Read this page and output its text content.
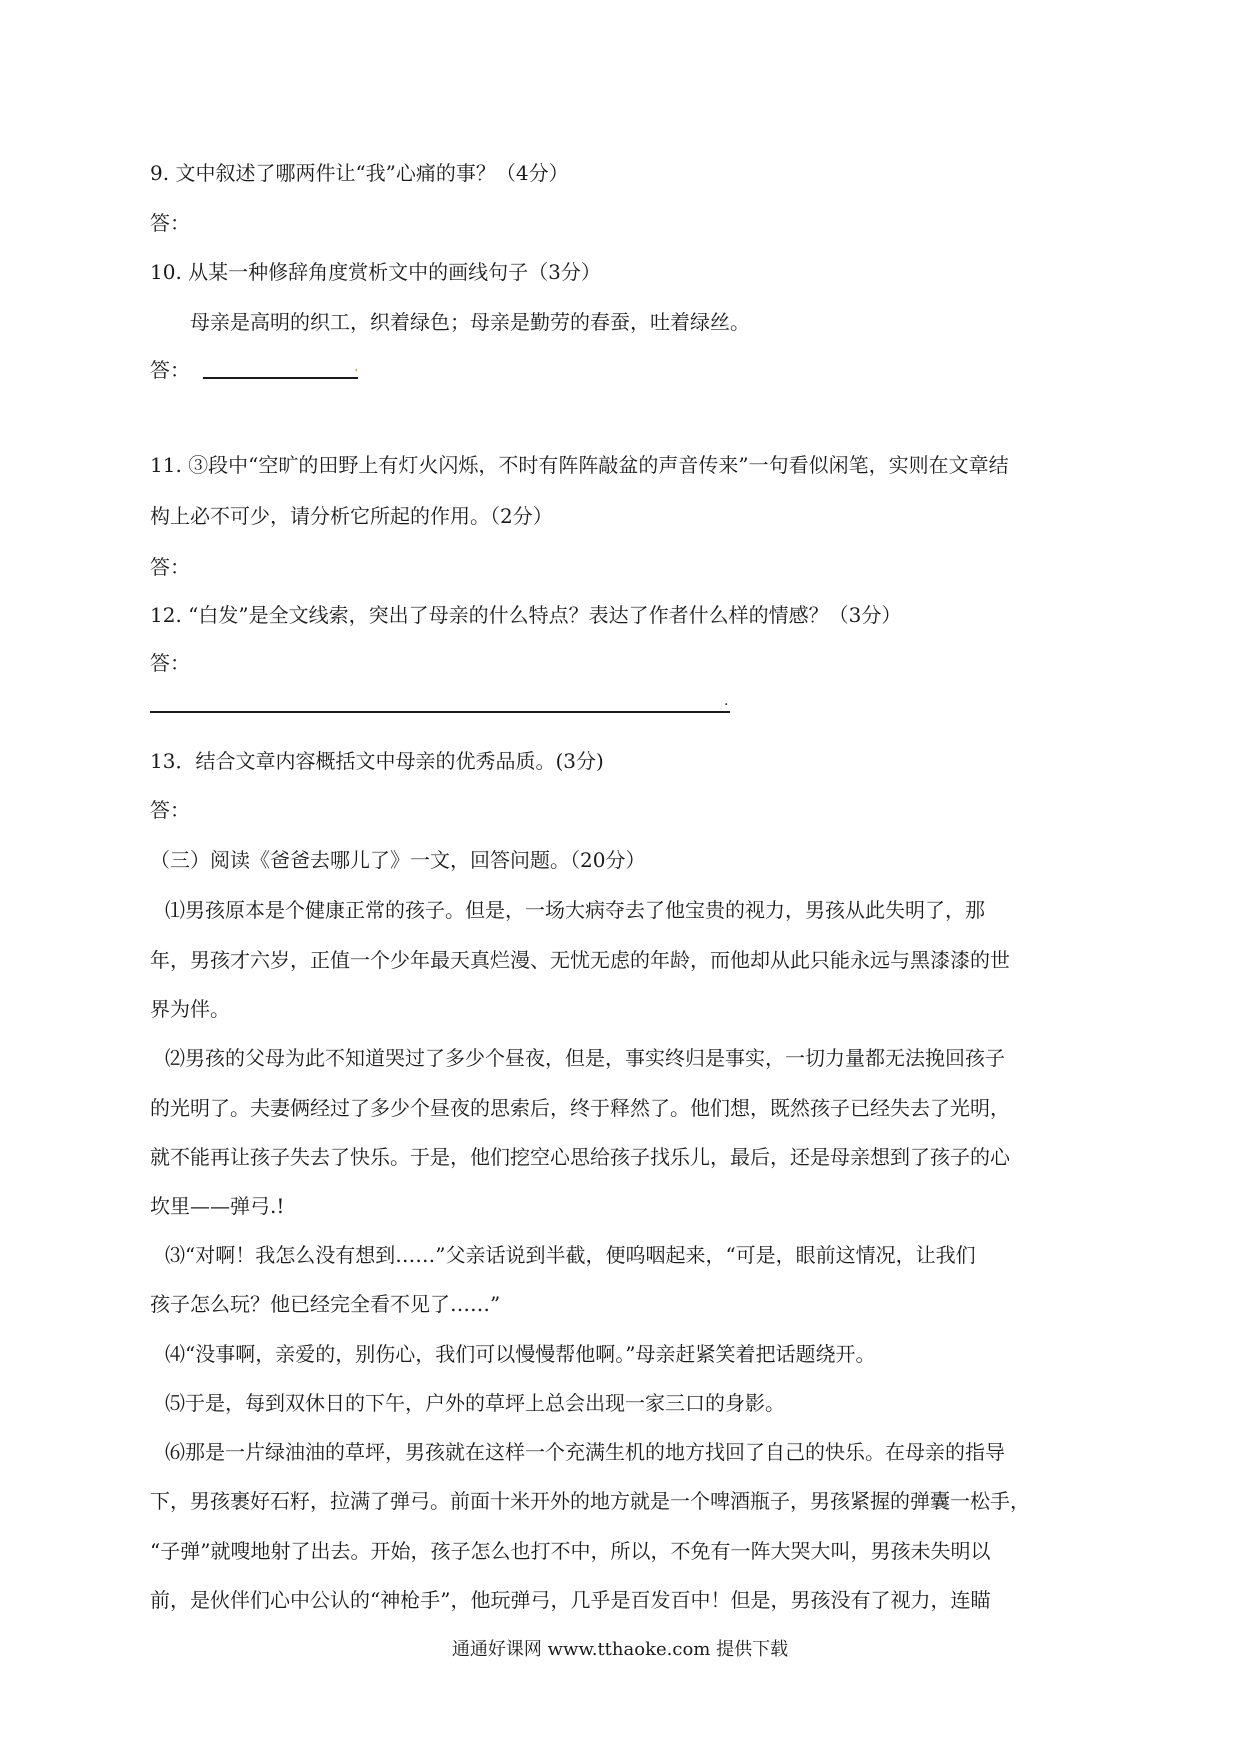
9. 文中叙述了哪两件让“我”心痛的事？（4分）
答：
10. 从某一种修辞角度赏析文中的画线句子（3分）
母亲是高明的织工，织着绿色；母亲是勤劳的春蚕，吐着绿丝。
答：	.
11. ③段中“空旷的田野上有灯火闪烁，不时有阵阵敲盆的声音传来”一句看似闲笔，实则在文章结
构上必不可少，请分析它所起的作用。（2分）
答：
12. “白发”是全文线索，突出了母亲的什么特点？表达了作者什么样的情感？（3分）
答：
.
13．结合文章内容概括文中母亲的优秀品质。(3分)
答：
（三）阅读《爸爸去哪儿了》一文，回答问题。（20分）
⑴男孩原本是个健康正常的孩子。但是，一场大病夺去了他宝贵的视力，男孩从此失明了，那
年，男孩才六岁，正值一个少年最天真烂漫、无忧无虑的年龄，而他却从此只能永远与黑漆漆的世
界为伴。
⑵男孩的父母为此不知道哭过了多少个昼夜，但是，事实终归是事实，一切力量都无法挽回孩子
的光明了。夫妻俩经过了多少个昼夜的思索后，终于释然了。他们想，既然孩子已经失去了光明，
就不能再让孩子失去了快乐。于是，他们挖空心思给孩子找乐儿，最后，还是母亲想到了孩子的心
坎里——弹弓.!
⑶“对啊！我怎么没有想到……”父亲话说到半截，便呜咽起来，“可是，眼前这情况，让我们
孩子怎么玩？他已经完全看不见了……”
⑷“没事啊，亲爱的，别伤心，我们可以慢慢帮他啊。”母亲赶紧笑着把话题绕开。
⑸于是，每到双休日的下午，户外的草坪上总会出现一家三口的身影。
⑹那是一片绿油油的草坪，男孩就在这样一个充满生机的地方找回了自己的快乐。在母亲的指导
下，男孩裹好石籽，拉满了弹弓。前面十米开外的地方就是一个啤酒瓶子，男孩紧握的弹囊一松手，
“子弹”就嗖地射了出去。开始，孩子怎么也打不中，所以，不免有一阵大哭大叫，男孩未失明以
前，是伙伴们心中公认的“神枪手”，他玩弹弓，几乎是百发百中！但是，男孩没有了视力，连瞄
通通好课网 www.tthaoke.com 提供下载
